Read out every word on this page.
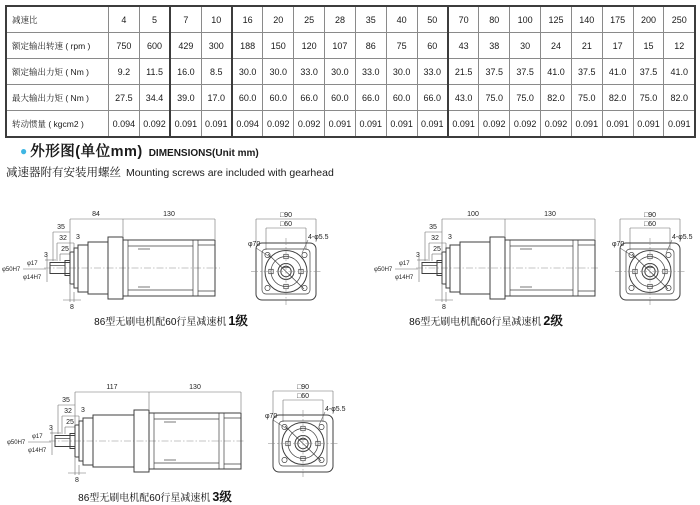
减速比	4	5	7	10	16	20	25	28	35	40	50	70	80	100	125	140	175	200	250
额定输出转速 ( rpm )	750	600	429	300	188	150	120	107	86	75	60	43	38	30	24	21	17	15	12
额定输出力矩 ( Nm )	9.2	11.5	16.0	8.5	30.0	30.0	33.0	30.0	33.0	30.0	33.0	21.5	37.5	37.5	41.0	37.5	41.0	37.5	41.0
最大输出力矩 ( Nm )	27.5	34.4	39.0	17.0	60.0	60.0	66.0	60.0	66.0	60.0	66.0	43.0	75.0	75.0	82.0	75.0	82.0	75.0	82.0
转动惯量 ( kgcm2 )	0.094	0.092	0.091	0.091	0.094	0.092	0.092	0.091	0.091	0.091	0.091	0.091	0.092	0.092	0.092	0.091	0.091	0.091	0.091
● 外形图(单位mm) DIMENSIONS(Unit mm)
减速器附有安装用螺丝 Mounting screws are included with gearhead
84	130
35
32 3
25
3
8
φ50H7
φ17
φ14H7
□90
□60
4-φ5.5
φ70
86型无刷电机配60行星减速机 1级
100	130
35
32 3
25
3
8
φ50H7
φ17
φ14H7
□90
□60
4-φ5.5
φ70
86型无刷电机配60行星减速机 2级
117	130
35
32 3
25
3
8
φ50H7
φ17
φ14H7
□90
□60
4-φ5.5
φ70
86型无刷电机配60行星减速机 3级
